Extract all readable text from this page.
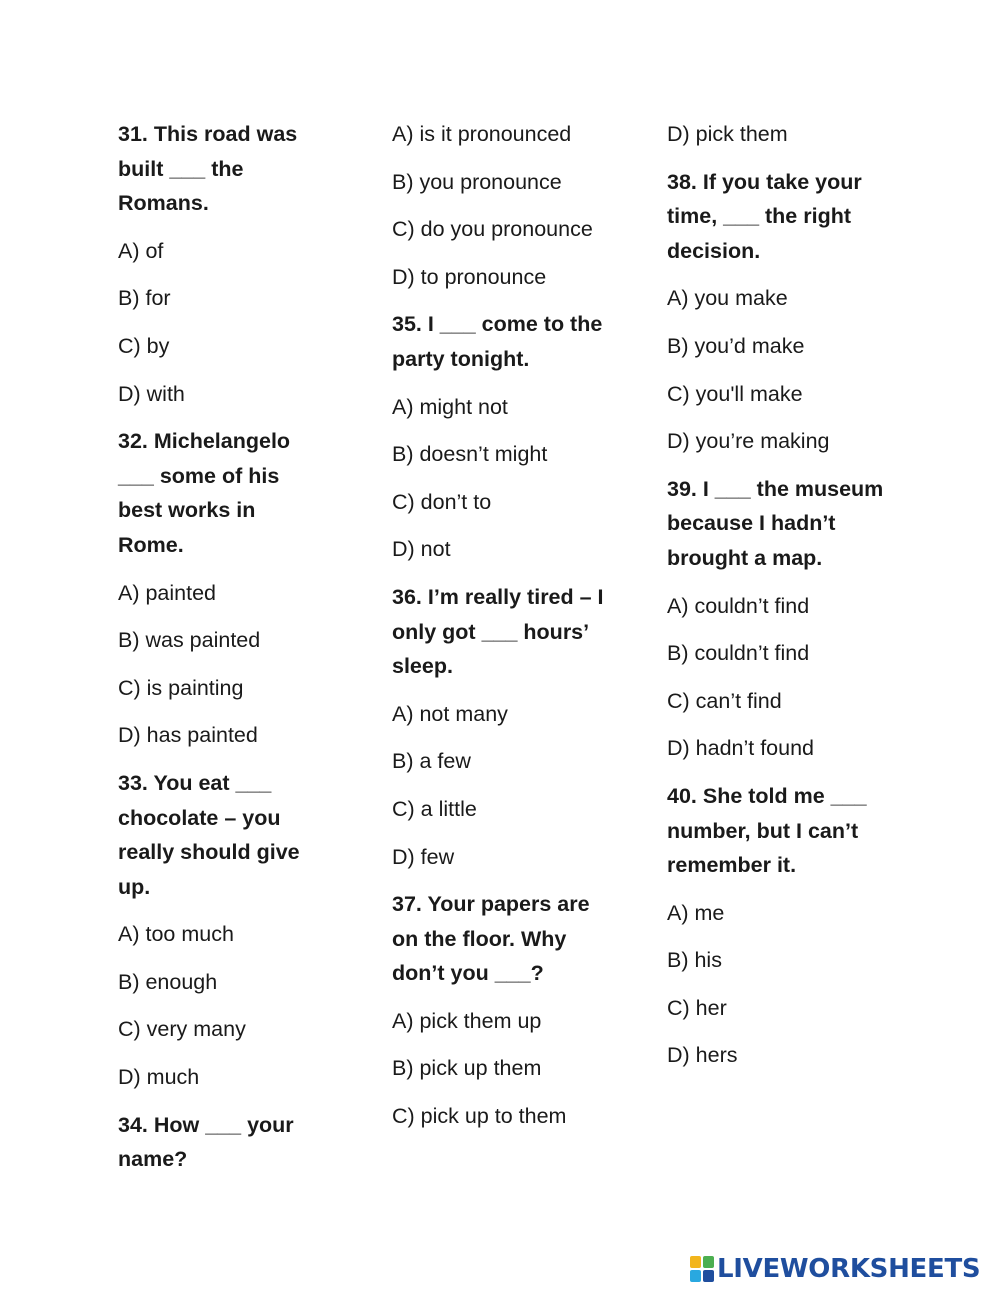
31. This road was built ___ the Romans.
A) of
B) for
C) by
D) with
32. Michelangelo ___ some of his best works in Rome.
A) painted
B) was painted
C) is painting
D) has painted
33. You eat ___ chocolate – you really should give up.
A) too much
B) enough
C) very many
D) much
34. How ___ your name?
A) is it pronounced
B) you pronounce
C) do you pronounce
D) to pronounce
35. I ___ come to the party tonight.
A) might not
B) doesn’t might
C) don’t to
D) not
36. I’m really tired – I only got ___ hours’ sleep.
A) not many
B) a few
C) a little
D) few
37. Your papers are on the floor. Why don’t you ___?
A) pick them up
B) pick up them
C) pick up to them
D) pick them
38. If you take your time, ___ the right decision.
A) you make
B) you’d make
C) you'll make
D) you’re making
39. I ___ the museum because I hadn’t brought a map.
A) couldn’t find
B) couldn’t find
C) can’t find
D) hadn’t found
40. She told me ___ number, but I can’t remember it.
A) me
B) his
C) her
D) hers
LIVEWORKSHEETS
